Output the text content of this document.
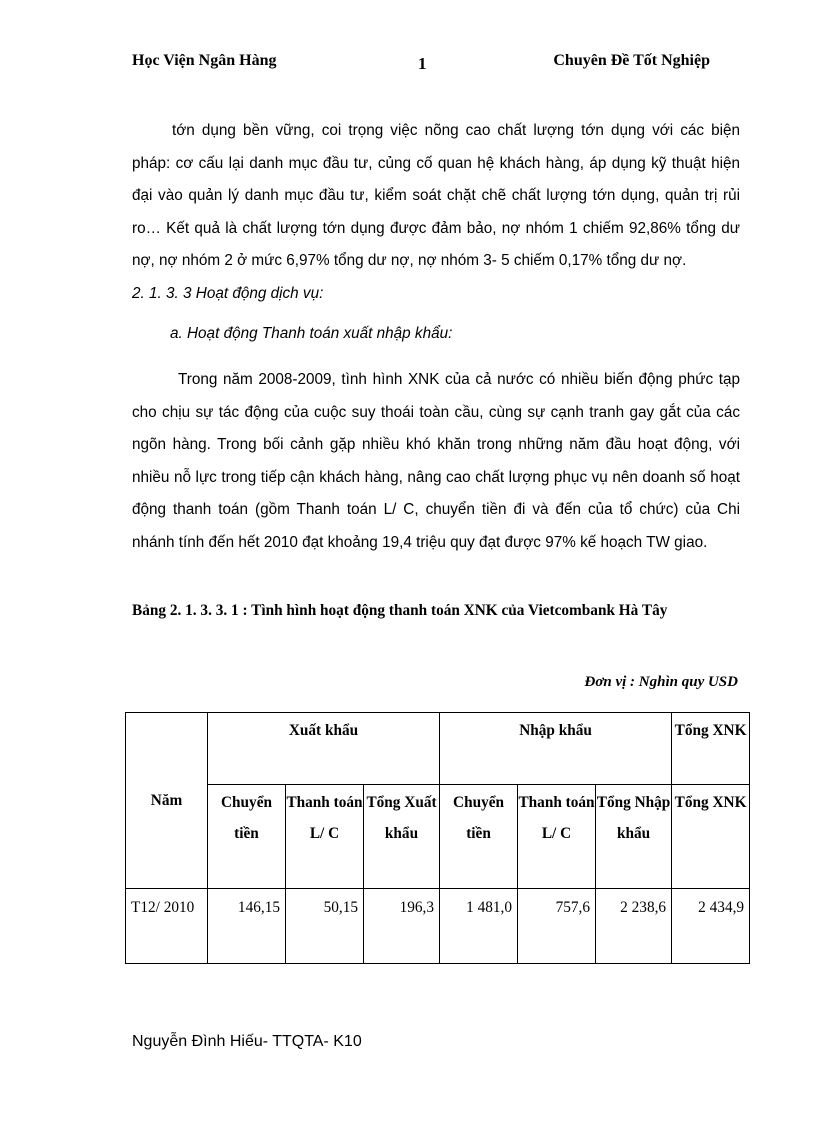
Học Viện Ngân Hàng	1	Chuyên Đề Tốt Nghiệp

tớn dụng bền vững, coi trọng việc nõng cao chất lượng tớn dụng với các biện pháp: cơ cấu lại danh mục đầu tư, củng cố quan hệ khách hàng, áp dụng kỹ thuật hiện đại vào quản lý danh mục đầu tư, kiểm soát chặt chẽ chất lượng tớn dụng, quản trị rủi ro… Kết quả là chất lượng tớn dụng được đảm bảo, nợ nhóm 1 chiếm 92,86% tổng dư nợ, nợ nhóm 2 ở mức 6,97% tổng dư nợ, nợ nhóm 3- 5 chiếm 0,17% tổng dư nợ.

2. 1. 3. 3 Hoạt động dịch vụ:
a. Hoạt động Thanh toán xuất nhập khẩu:

Trong năm 2008-2009, tình hình XNK của cả nước có nhiều biến động phức tạp cho chịu sự tác động của cuộc suy thoái toàn cầu, cùng sự cạnh tranh gay gắt của các ngõn hàng. Trong bối cảnh gặp nhiều khó khăn trong những năm đầu hoạt động, với nhiều nỗ lực trong tiếp cận khách hàng, nâng cao chất lượng phục vụ nên doanh số hoạt động thanh toán (gồm Thanh toán L/ C, chuyển tiền đi và đến của tổ chức) của Chi nhánh tính đến hết 2010 đạt khoảng 19,4 triệu quy đạt được 97% kế hoạch TW giao.

Bảng 2. 1. 3. 3. 1 : Tình hình hoạt động thanh toán XNK của Vietcombank Hà Tây

Đơn vị : Nghìn quy USD
Năm	Xuất khẩu			Nhập khẩu			Tổng XNK
	Chuyển tiền	Thanh toán L/ C	Tổng Xuất khẩu	Chuyển tiền	Thanh toán L/ C	Tổng Nhập khẩu	Tổng XNK
T12/ 2010	146,15	50,15	196,3	1 481,0	757,6	2 238,6	2 434,9
Nguyễn Đình Hiếu- TTQTA- K10
